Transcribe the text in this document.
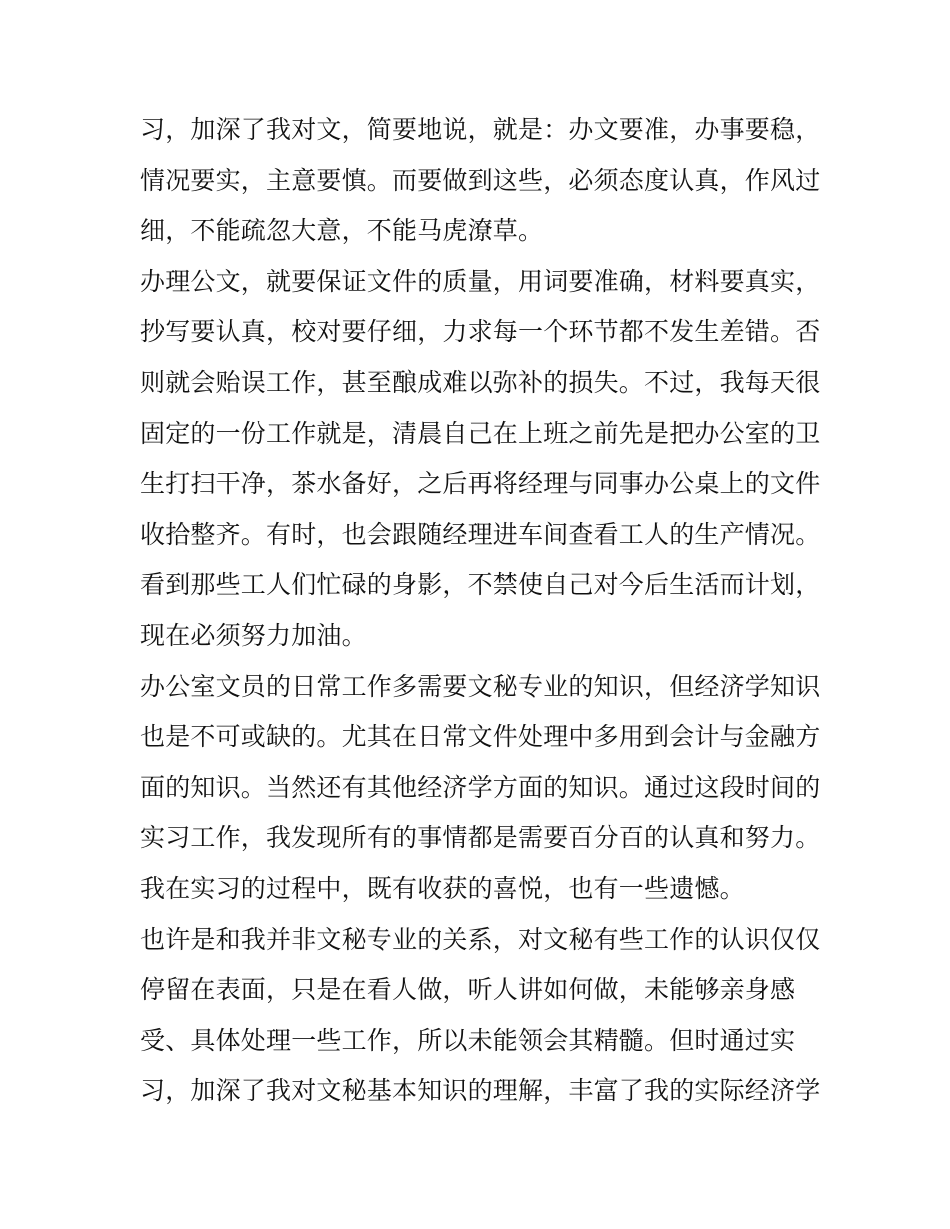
习，加深了我对文，简要地说，就是：办文要准，办事要稳，
情况要实，主意要慎。而要做到这些，必须态度认真，作风过
细，不能疏忽大意，不能马虎潦草。
办理公文，就要保证文件的质量，用词要准确，材料要真实，
抄写要认真，校对要仔细，力求每一个环节都不发生差错。否
则就会贻误工作，甚至酿成难以弥补的损失。不过，我每天很
固定的一份工作就是，清晨自己在上班之前先是把办公室的卫
生打扫干净，茶水备好，之后再将经理与同事办公桌上的文件
收拾整齐。有时，也会跟随经理进车间查看工人的生产情况。
看到那些工人们忙碌的身影，不禁使自己对今后生活而计划，
现在必须努力加油。
办公室文员的日常工作多需要文秘专业的知识，但经济学知识
也是不可或缺的。尤其在日常文件处理中多用到会计与金融方
面的知识。当然还有其他经济学方面的知识。通过这段时间的
实习工作，我发现所有的事情都是需要百分百的认真和努力。
我在实习的过程中，既有收获的喜悦，也有一些遗憾。
也许是和我并非文秘专业的关系，对文秘有些工作的认识仅仅
停留在表面，只是在看人做，听人讲如何做，未能够亲身感
受、具体处理一些工作，所以未能领会其精髓。但时通过实
习，加深了我对文秘基本知识的理解，丰富了我的实际经济学
